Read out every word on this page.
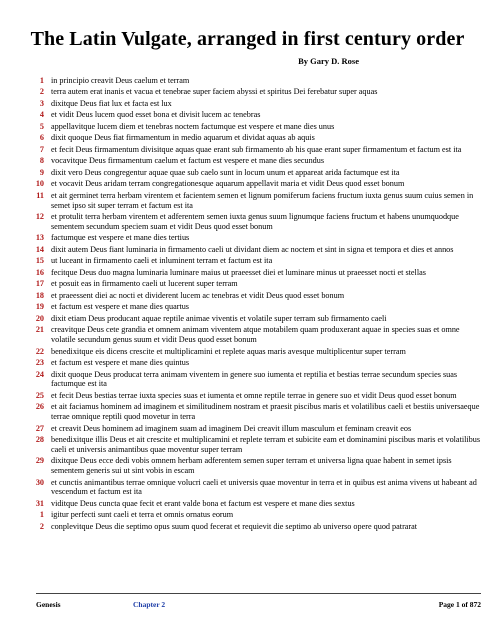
The Latin Vulgate, arranged in first century order
By Gary D. Rose
1 in principio creavit Deus caelum et terram
2 terra autem erat inanis et vacua et tenebrae super faciem abyssi et spiritus Dei ferebatur super aquas
3 dixitque Deus fiat lux et facta est lux
4 et vidit Deus lucem quod esset bona et divisit lucem ac tenebras
5 appellavitque lucem diem et tenebras noctem factumque est vespere et mane dies unus
6 dixit quoque Deus fiat firmamentum in medio aquarum et dividat aquas ab aquis
7 et fecit Deus firmamentum divisitque aquas quae erant sub firmamento ab his quae erant super firmamentum et factum est ita
8 vocavitque Deus firmamentum caelum et factum est vespere et mane dies secundus
9 dixit vero Deus congregentur aquae quae sub caelo sunt in locum unum et appareat arida factumque est ita
10 et vocavit Deus aridam terram congregationesque aquarum appellavit maria et vidit Deus quod esset bonum
11 et ait germinet terra herbam virentem et facientem semen et lignum pomiferum faciens fructum iuxta genus suum cuius semen in semet ipso sit super terram et factum est ita
12 et protulit terra herbam virentem et adferentem semen iuxta genus suum lignumque faciens fructum et habens unumquodque sementem secundum speciem suam et vidit Deus quod esset bonum
13 factumque est vespere et mane dies tertius
14 dixit autem Deus fiant luminaria in firmamento caeli ut dividant diem ac noctem et sint in signa et tempora et dies et annos
15 ut luceant in firmamento caeli et inluminent terram et factum est ita
16 fecitque Deus duo magna luminaria luminare maius ut praeesset diei et luminare minus ut praeesset nocti et stellas
17 et posuit eas in firmamento caeli ut lucerent super terram
18 et praeessent diei ac nocti et dividerent lucem ac tenebras et vidit Deus quod esset bonum
19 et factum est vespere et mane dies quartus
20 dixit etiam Deus producant aquae reptile animae viventis et volatile super terram sub firmamento caeli
21 creavitque Deus cete grandia et omnem animam viventem atque motabilem quam produxerant aquae in species suas et omne volatile secundum genus suum et vidit Deus quod esset bonum
22 benedixitque eis dicens crescite et multiplicamini et replete aquas maris avesque multiplicentur super terram
23 et factum est vespere et mane dies quintus
24 dixit quoque Deus producat terra animam viventem in genere suo iumenta et reptilia et bestias terrae secundum species suas factumque est ita
25 et fecit Deus bestias terrae iuxta species suas et iumenta et omne reptile terrae in genere suo et vidit Deus quod esset bonum
26 et ait faciamus hominem ad imaginem et similitudinem nostram et praesit piscibus maris et volatilibus caeli et bestiis universaeque terrae omnique reptili quod movetur in terra
27 et creavit Deus hominem ad imaginem suam ad imaginem Dei creavit illum masculum et feminam creavit eos
28 benedixitque illis Deus et ait crescite et multiplicamini et replete terram et subicite eam et dominamini piscibus maris et volatilibus caeli et universis animantibus quae moventur super terram
29 dixitque Deus ecce dedi vobis omnem herbam adferentem semen super terram et universa ligna quae habent in semet ipsis sementem generis sui ut sint vobis in escam
30 et cunctis animantibus terrae omnique volucri caeli et universis quae moventur in terra et in quibus est anima vivens ut habeant ad vescendum et factum est ita
31 viditque Deus cuncta quae fecit et erant valde bona et factum est vespere et mane dies sextus
1 igitur perfecti sunt caeli et terra et omnis ornatus eorum
2 conplevitque Deus die septimo opus suum quod fecerat et requievit die septimo ab universo opere quod patrarat
Genesis	Chapter 2	Page 1 of 872
